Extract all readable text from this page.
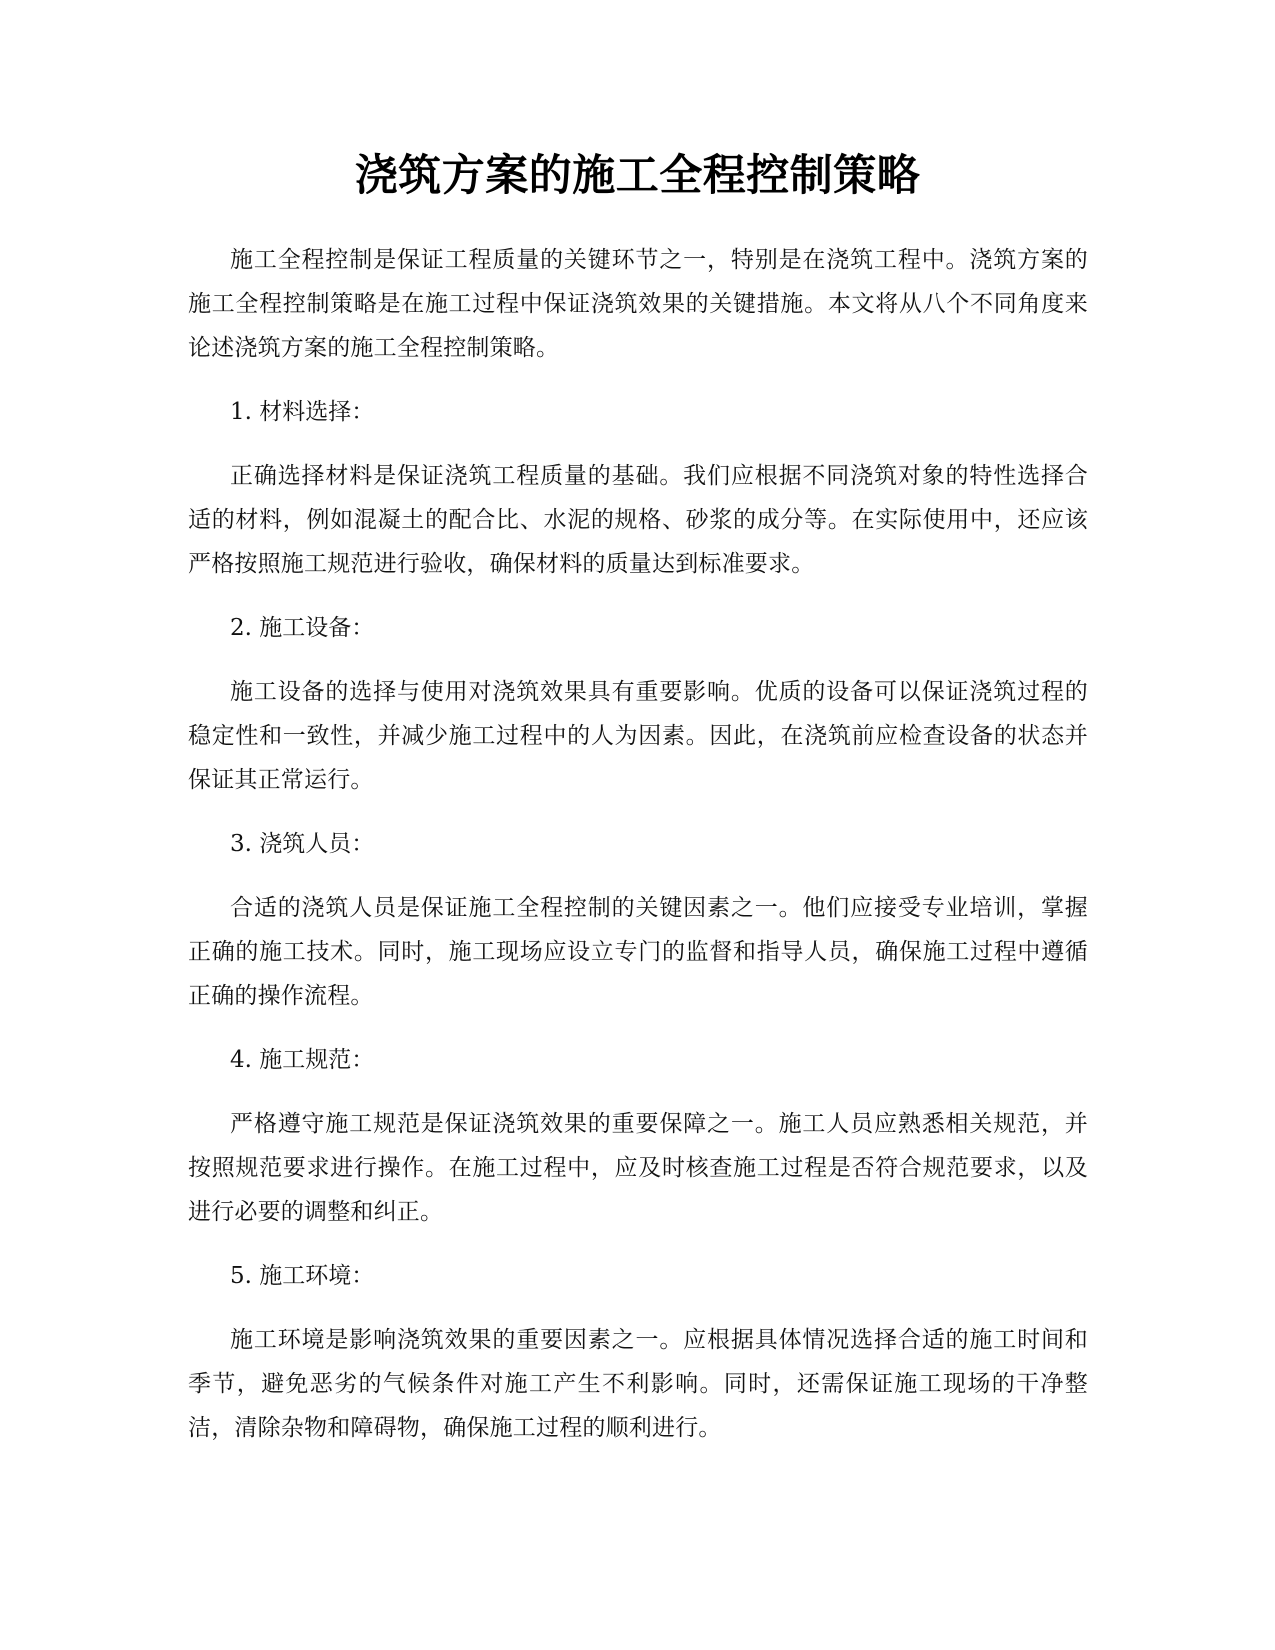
浇筑方案的施工全程控制策略

施工全程控制是保证工程质量的关键环节之一，特别是在浇筑工程中。浇筑方案的施工全程控制策略是在施工过程中保证浇筑效果的关键措施。本文将从八个不同角度来论述浇筑方案的施工全程控制策略。

1. 材料选择：

正确选择材料是保证浇筑工程质量的基础。我们应根据不同浇筑对象的特性选择合适的材料，例如混凝土的配合比、水泥的规格、砂浆的成分等。在实际使用中，还应该严格按照施工规范进行验收，确保材料的质量达到标准要求。

2. 施工设备：

施工设备的选择与使用对浇筑效果具有重要影响。优质的设备可以保证浇筑过程的稳定性和一致性，并减少施工过程中的人为因素。因此，在浇筑前应检查设备的状态并保证其正常运行。

3. 浇筑人员：

合适的浇筑人员是保证施工全程控制的关键因素之一。他们应接受专业培训，掌握正确的施工技术。同时，施工现场应设立专门的监督和指导人员，确保施工过程中遵循正确的操作流程。

4. 施工规范：

严格遵守施工规范是保证浇筑效果的重要保障之一。施工人员应熟悉相关规范，并按照规范要求进行操作。在施工过程中，应及时核查施工过程是否符合规范要求，以及进行必要的调整和纠正。

5. 施工环境：

施工环境是影响浇筑效果的重要因素之一。应根据具体情况选择合适的施工时间和季节，避免恶劣的气候条件对施工产生不利影响。同时，还需保证施工现场的干净整洁，清除杂物和障碍物，确保施工过程的顺利进行。
